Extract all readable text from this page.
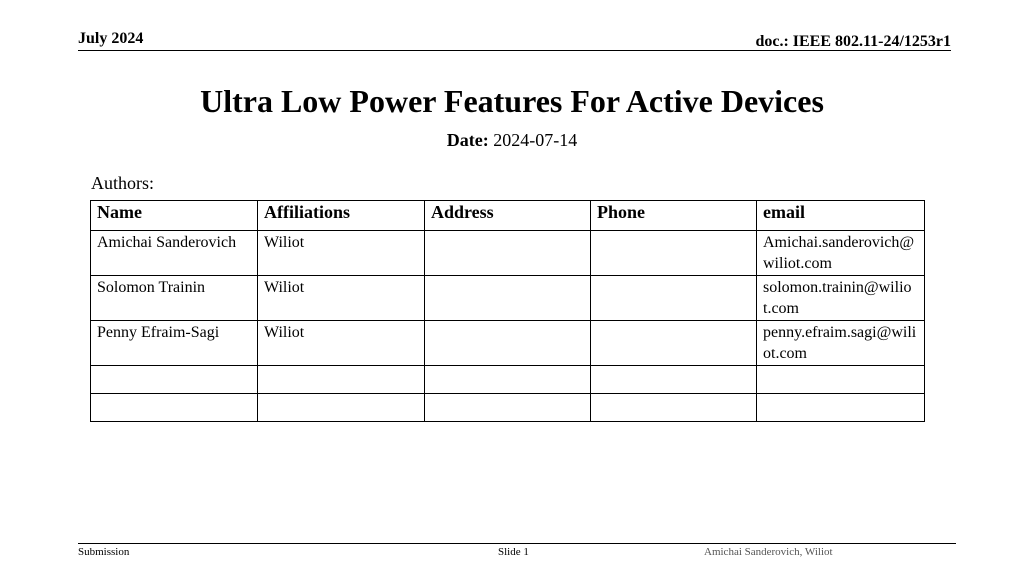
July 2024	doc.: IEEE 802.11-24/1253r1
Ultra Low Power Features For Active Devices
Date: 2024-07-14
Authors:
Name	Affiliations	Address	Phone	email
Amichai Sanderovich	Wiliot			Amichai.sanderovich@wiliot.com
Solomon Trainin	Wiliot			solomon.trainin@wiliot.com
Penny Efraim-Sagi	Wiliot			penny.efraim.sagi@wiliot.com

Submission	Slide 1	Amichai Sanderovich, Wiliot
